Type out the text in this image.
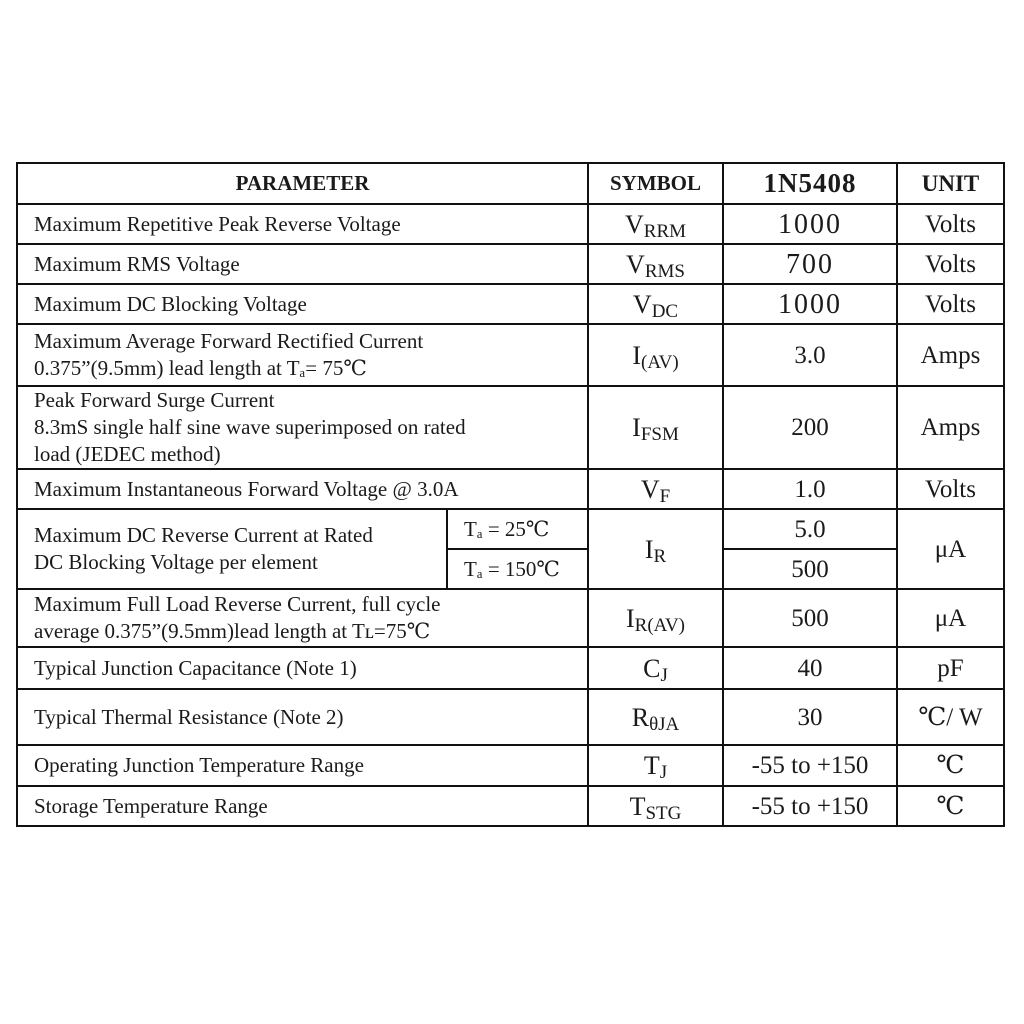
PARAMETER		SYMBOL	1N5408	UNIT

Maximum Repetitive Peak Reverse Voltage		$V_{RRM}$	1000	Volts

Maximum RMS Voltage		$V_{RMS}$	700	Volts

Maximum DC Blocking Voltage		$V_{DC}$	1000	Volts

Maximum Average Forward Rectified Current
0.375”(9.5mm) lead length at Tₐ= 75℃		$I_{(AV)}$	3.0	Amps

Peak Forward Surge Current
8.3mS single half sine wave superimposed on rated
load (JEDEC method)		$I_{FSM}$	200	Amps

Maximum Instantaneous Forward Voltage @ 3.0A		$V_F$	1.0	Volts

Maximum DC Reverse Current at Rated
DC Blocking Voltage per element	Tₐ = 25℃	$I_R$	5.0	μA
	Tₐ = 150℃		500	

Maximum Full Load Reverse Current, full cycle
average 0.375”(9.5mm)lead length at Tʟ=75℃		$I_{R(AV)}$	500	μA

Typical Junction Capacitance (Note 1)		$C_J$	40	pF

Typical Thermal Resistance (Note 2)		$R_{\theta JA}$	30	℃/ W

Operating Junction Temperature Range		$T_J$	-55 to +150	℃

Storage Temperature Range		$T_{STG}$	-55 to +150	℃
